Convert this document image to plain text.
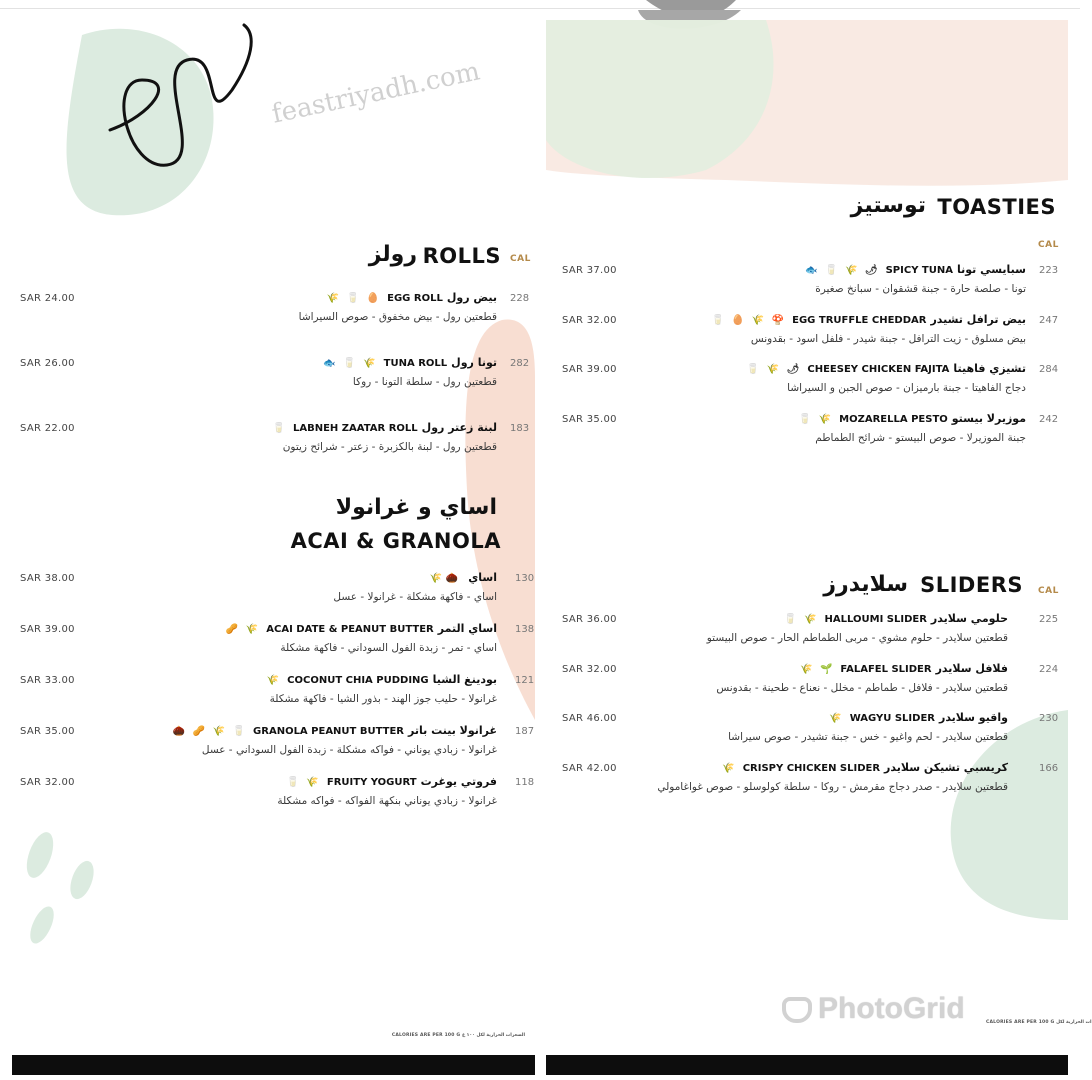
رولز ROLLS CAL
SAR 24.00	🌾 🥛 🥚 EGG ROLL بيض رول 228
قطعتين رول - بيض مخفوق - صوص السيراشا
SAR 26.00	🐟 🥛 🌾 TUNA ROLL تونا رول 282
قطعتين رول - سلطة التونا - روكا
SAR 22.00	🥛 LABNEH ZAATAR ROLL لبنة زعتر رول 183
قطعتين رول - لبنة بالكزبرة - زعتر - شرائح زيتون
اساي و غرانولا
ACAI & GRANOLA
SAR 38.00	🌾 🌰 اساي 130
اساي - فاكهة مشكلة - غرانولا - عسل
SAR 39.00	🥜 🌾 ACAI DATE & PEANUT BUTTER اساي التمر 138
اساي - تمر - زبدة الفول السوداني - فاكهة مشكلة
SAR 33.00	🌾 COCONUT CHIA PUDDING بودينغ الشيا 121
غرانولا - حليب جوز الهند - بذور الشيا - فاكهة مشكلة
SAR 35.00	🌰 🥜 🌾 🥛 GRANOLA PEANUT BUTTER غرانولا بينت باتر 187
غرانولا - زبادي يوناني - فواكه مشكلة - زبدة الفول السوداني - عسل
SAR 32.00	🥛 🌾 FRUITY YOGURT فروتي يوغرت 118
غرانولا - زبادي يوناني بنكهة الفواكه - فواكه مشكلة
CALORIES ARE PER 100 G السعرات الحرارية لكل ١٠٠ غ
TOASTIES
توستيز
CAL
SAR 37.00	🐟 🥛 🌾 🌶 SPICY TUNA سبايسي تونا 223
تونا - صلصة حارة - جبنة قشقوان - سبانخ صغيرة
SAR 32.00	🥛 🥚 🌾 🍄 EGG TRUFFLE CHEDDAR بيض ترافل تشيدر 247
بيض مسلوق - زيت الترافل - جبنة شيدر - فلفل اسود - بقدونس
SAR 39.00	🥛 🌾 🌶 CHEESEY CHICKEN FAJITA تشيزي فاهيتا 284
دجاج الفاهيتا - جبنة بارميزان - صوص الجبن و السيراشا
SAR 35.00	🥛 🌾 MOZARELLA PESTO موزيرلا بيستو 242
جبنة الموزيرلا - صوص البيستو - شرائح الطماطم
SLIDERS
سلايدرز	CAL
SAR 36.00	🥛 🌾 HALLOUMI SLIDER حلومي سلايدر	225
قطعتين سلايدر - حلوم مشوي - مربى الطماطم الحار - صوص البيستو
SAR 32.00	🌾 🌱 FALAFEL SLIDER فلافل سلايدر	224
قطعتين سلايدر - فلافل - طماطم - مخلل - نعناع - طحينة - بقدونس
SAR 46.00	🌾 WAGYU SLIDER واقيو سلايدر	230
قطعتين سلايدر - لحم واغيو - خس - جبنة تشيدر - صوص سيراشا
SAR 42.00	🌾 CRISPY CHICKEN SLIDER كريسبي تشيكن سلايدر	166
قطعتين سلايدر - صدر دجاج مقرمش - روكا - سلطة كولوسلو - صوص غواغامولي
CALORIES ARE PER 100 G ات الحرارية لكل
feastriyadh.com
PhotoGrid
